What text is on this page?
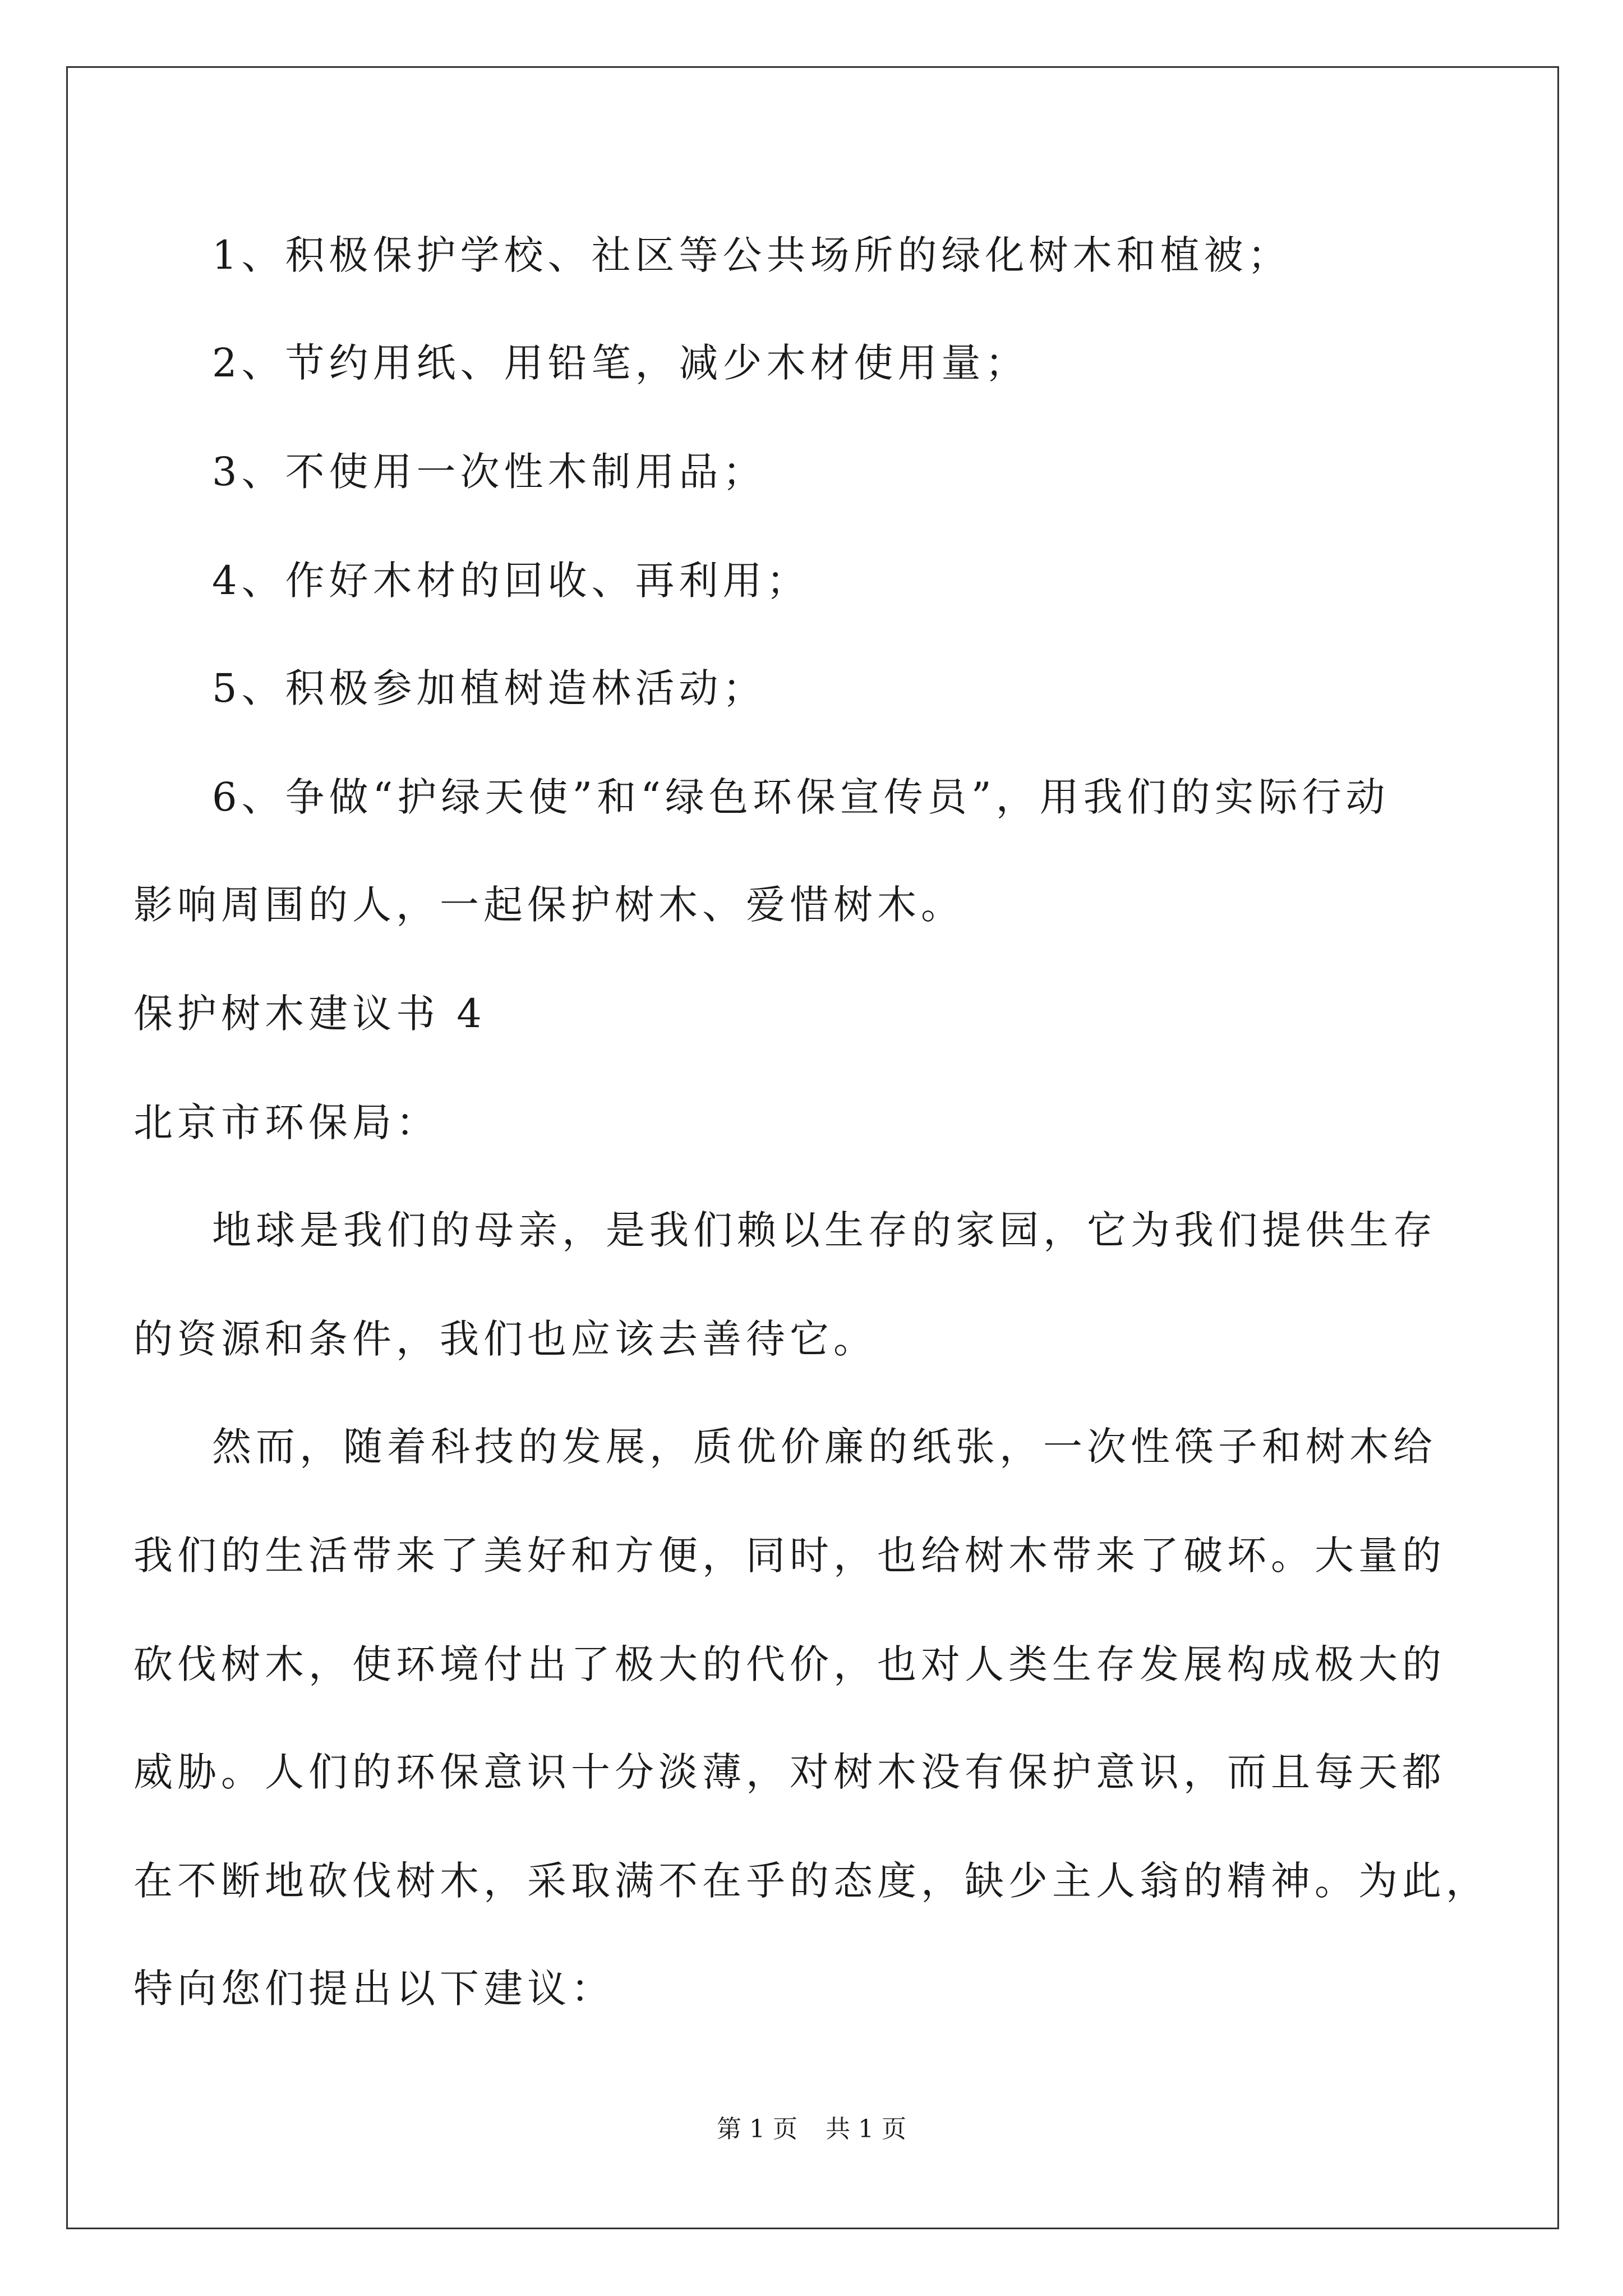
1、积极保护学校、社区等公共场所的绿化树木和植被；
2、节约用纸、用铅笔，减少木材使用量；
3、不使用一次性木制用品；
4、作好木材的回收、再利用；
5、积极参加植树造林活动；
6、争做“护绿天使”和“绿色环保宣传员”，用我们的实际行动
影响周围的人，一起保护树木、爱惜树木。
保护树木建议书 4
北京市环保局：
地球是我们的母亲，是我们赖以生存的家园，它为我们提供生存
的资源和条件，我们也应该去善待它。
然而，随着科技的发展，质优价廉的纸张，一次性筷子和树木给
我们的生活带来了美好和方便，同时，也给树木带来了破坏。大量的
砍伐树木，使环境付出了极大的代价，也对人类生存发展构成极大的
威胁。人们的环保意识十分淡薄，对树木没有保护意识，而且每天都
在不断地砍伐树木，采取满不在乎的态度，缺少主人翁的精神。为此，
特向您们提出以下建议：
第 1 页 共 1 页
